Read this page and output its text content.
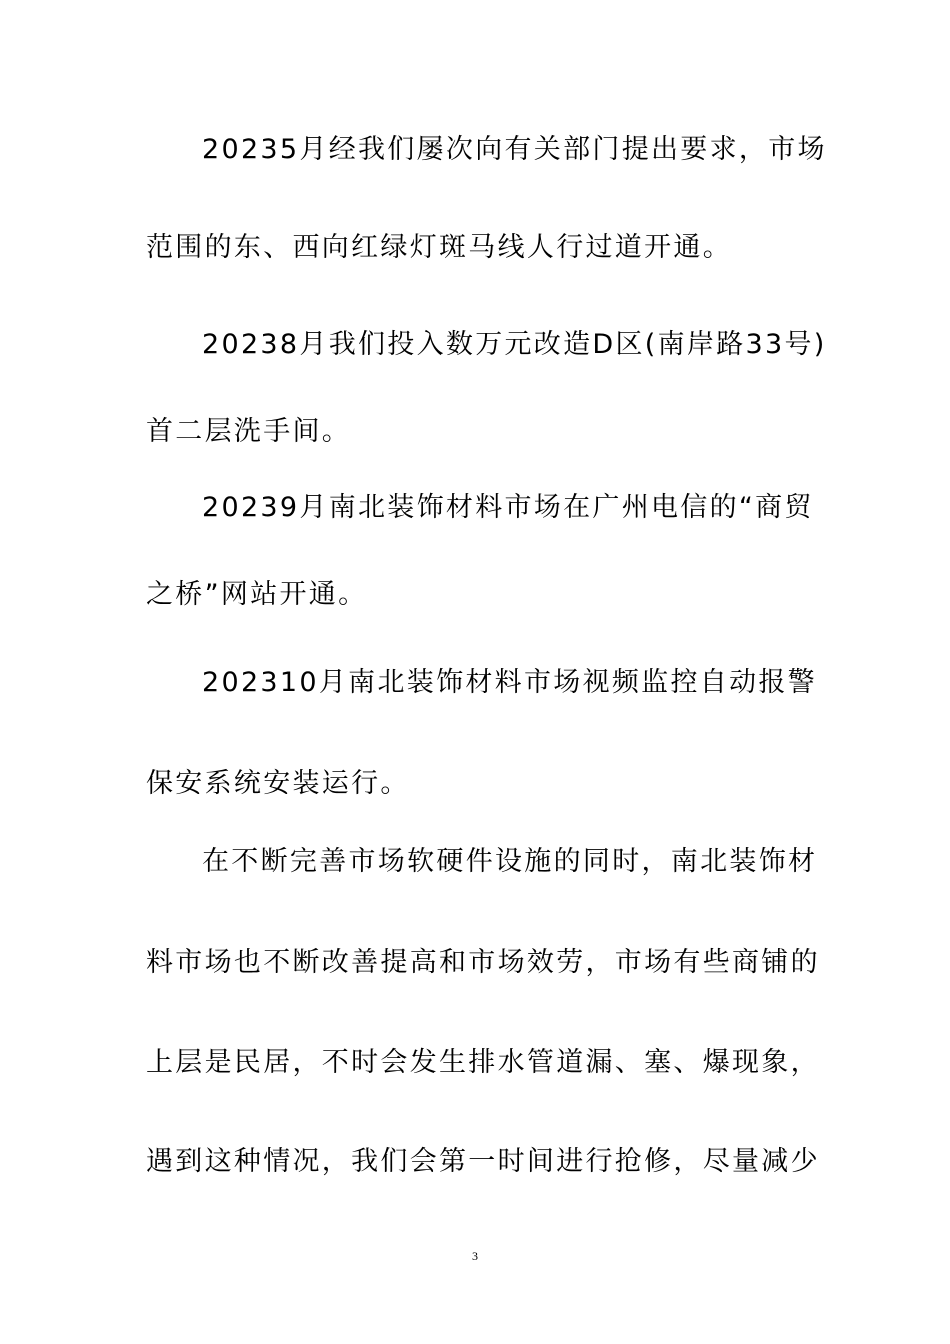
20235月经我们屡次向有关部门提出要求，市场
范围的东、西向红绿灯斑马线人行过道开通。
20238月我们投入数万元改造D区(南岸路33号)
首二层洗手间。
20239月南北装饰材料市场在广州电信的“商贸
之桥”网站开通。
202310月南北装饰材料市场视频监控自动报警
保安系统安装运行。
在不断完善市场软硬件设施的同时，南北装饰材
料市场也不断改善提高和市场效劳，市场有些商铺的
上层是民居，不时会发生排水管道漏、塞、爆现象，
遇到这种情况，我们会第一时间进行抢修，尽量减少
3
